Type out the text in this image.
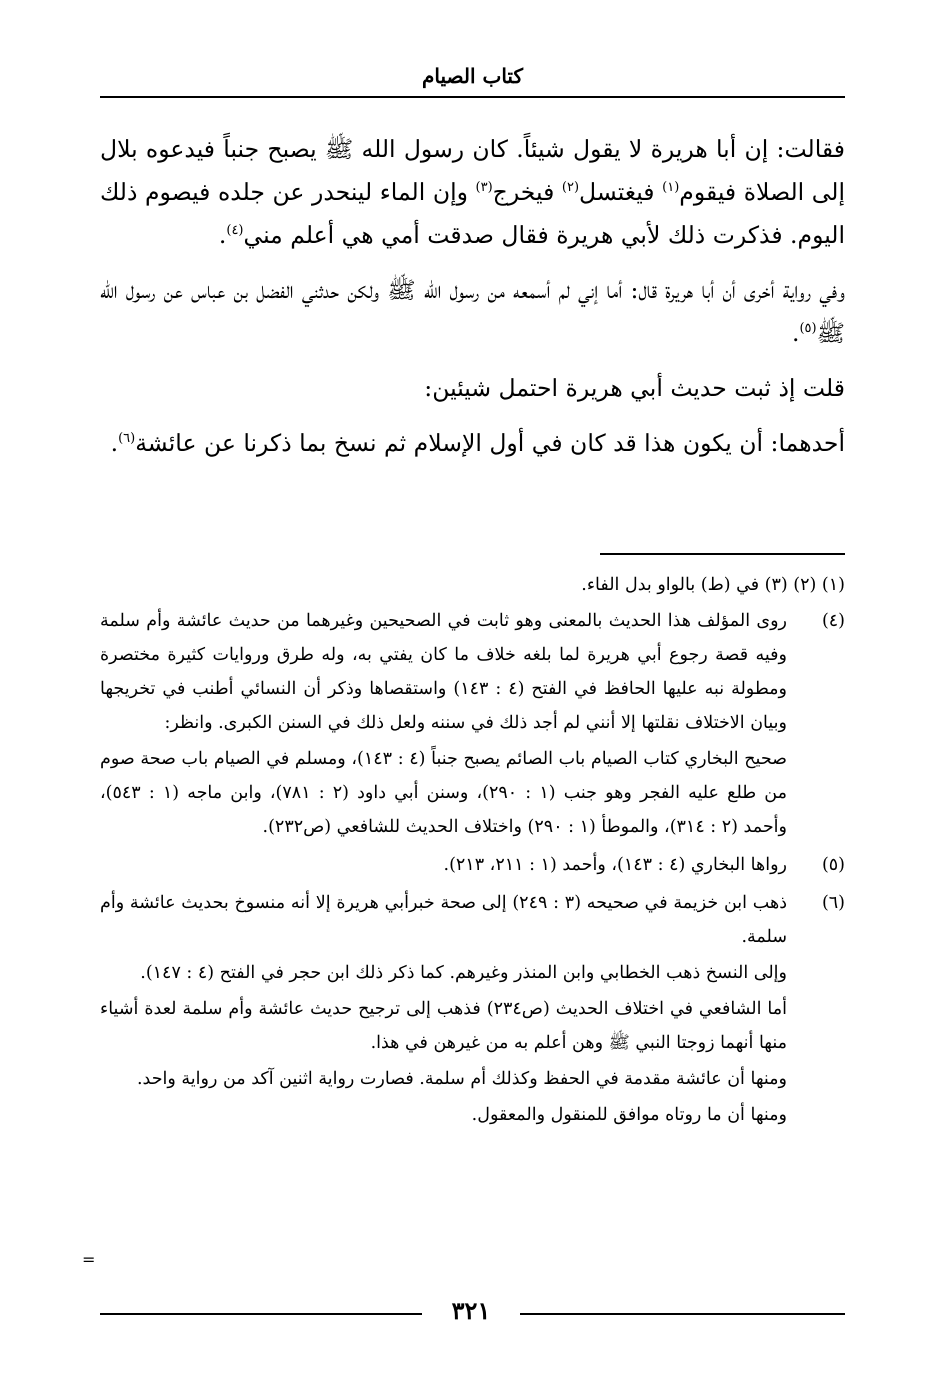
كتاب الصيام

فقالت: إن أبا هريرة لا يقول شيئاً. كان رسول الله ﷺ يصبح جنباً فيدعوه بلال إلى الصلاة فيقوم$^{(١)}$ فيغتسل$^{(٢)}$ فيخرج$^{(٣)}$ وإن الماء لينحدر عن جلده فيصوم ذلك اليوم. فذكرت ذلك لأبي هريرة فقال صدقت أمي هي أعلم مني$^{(٤)}$.

وفي رواية أخرى أن أبا هريرة قال: أما إني لم أسمعه من رسول الله ﷺ ولكن حدثني الفضل بن عباس عن رسول الله ﷺ$^{(٥)}$.

قلت إذ ثبت حديث أبي هريرة احتمل شيئين:

أحدهما: أن يكون هذا قد كان في أول الإسلام ثم نسخ بما ذكرنا عن عائشة$^{(٦)}$.

(١) (٢) (٣) في (ط) بالواو بدل الفاء.

(٤)

روى المؤلف هذا الحديث بالمعنى وهو ثابت في الصحيحين وغيرهما من حديث عائشة وأم سلمة وفيه قصة رجوع أبي هريرة لما بلغه خلاف ما كان يفتي به، وله طرق وروايات كثيرة مختصرة ومطولة نبه عليها الحافظ في الفتح (٤ : ١٤٣) واستقصاها وذكر أن النسائي أطنب في تخريجها وبيان الاختلاف نقلتها إلا أنني لم أجد ذلك في سننه ولعل ذلك في السنن الكبرى. وانظر:

صحيح البخاري كتاب الصيام باب الصائم يصبح جنباً (٤ : ١٤٣)، ومسلم في الصيام باب صحة صوم من طلع عليه الفجر وهو جنب (١ : ٢٩٠)، وسنن أبي داود (٢ : ٧٨١)، وابن ماجه (١ : ٥٤٣)، وأحمد (٢ : ٣١٤)، والموطأ (١ : ٢٩٠) واختلاف الحديث للشافعي (ص٢٣٢).

(٥)

رواها البخاري (٤ : ١٤٣)، وأحمد (١ : ٢١١، ٢١٣).

(٦)

ذهب ابن خزيمة في صحيحه (٣ : ٢٤٩) إلى صحة خبرأبي هريرة إلا أنه منسوخ بحديث عائشة وأم سلمة.

وإلى النسخ ذهب الخطابي وابن المنذر وغيرهم. كما ذكر ذلك ابن حجر في الفتح (٤ : ١٤٧).

أما الشافعي في اختلاف الحديث (ص٢٣٤) فذهب إلى ترجيح حديث عائشة وأم سلمة لعدة أشياء منها أنهما زوجتا النبي ﷺ وهن أعلم به من غيرهن في هذا.

ومنها أن عائشة مقدمة في الحفظ وكذلك أم سلمة. فصارت رواية اثنين آكد من رواية واحد.

ومنها أن ما روتاه موافق للمنقول والمعقول.

=
٣٢١
